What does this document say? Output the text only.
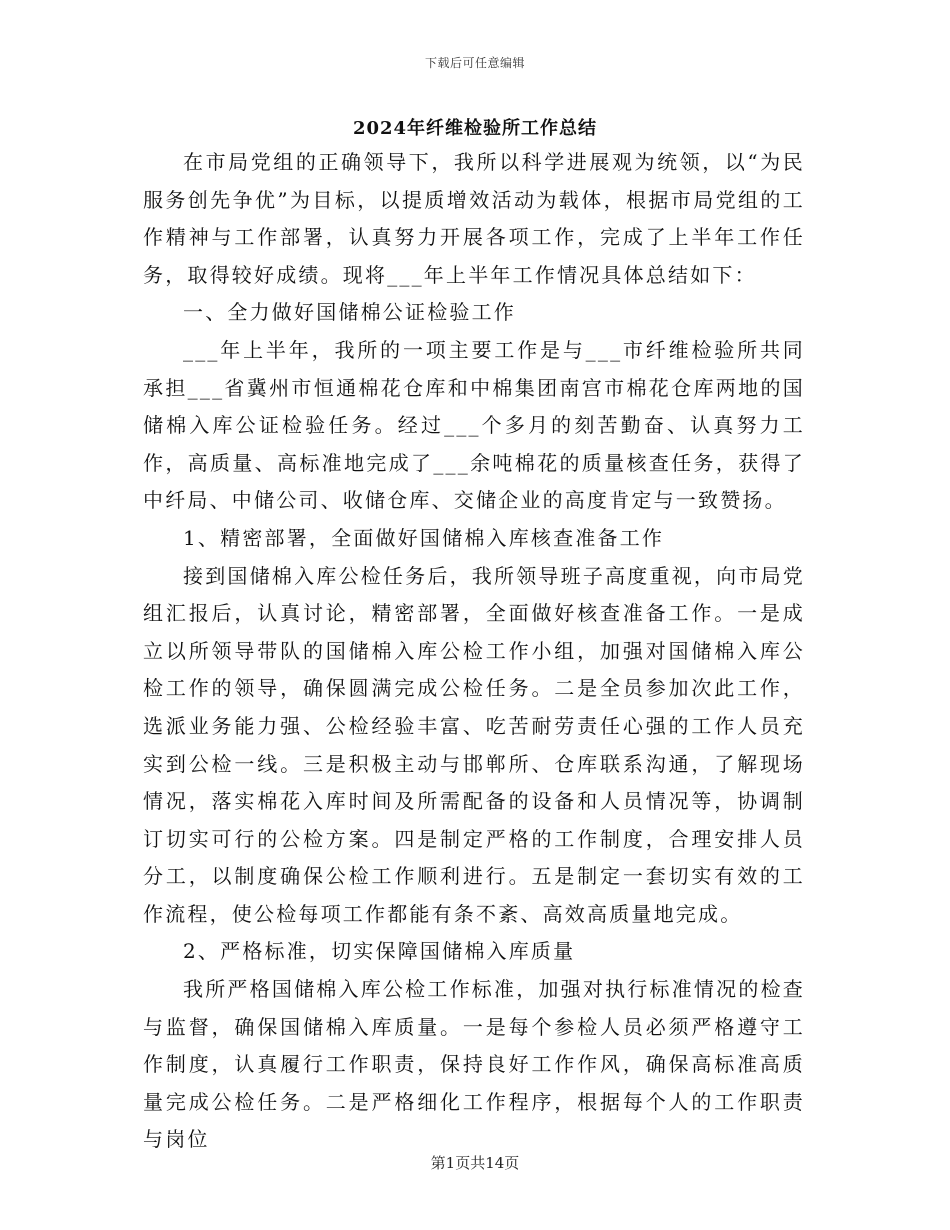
下载后可任意编辑
2024年纤维检验所工作总结

在市局党组的正确领导下，我所以科学进展观为统领，以“为民服务创先争优”为目标，以提质增效活动为载体，根据市局党组的工作精神与工作部署，认真努力开展各项工作，完成了上半年工作任务，取得较好成绩。现将___年上半年工作情况具体总结如下：

一、全力做好国储棉公证检验工作

___年上半年，我所的一项主要工作是与___市纤维检验所共同承担___省冀州市恒通棉花仓库和中棉集团南宫市棉花仓库两地的国储棉入库公证检验任务。经过___个多月的刻苦勤奋、认真努力工作，高质量、高标准地完成了___余吨棉花的质量核查任务，获得了中纤局、中储公司、收储仓库、交储企业的高度肯定与一致赞扬。

1、精密部署，全面做好国储棉入库核查准备工作

接到国储棉入库公检任务后，我所领导班子高度重视，向市局党组汇报后，认真讨论，精密部署，全面做好核查准备工作。一是成立以所领导带队的国储棉入库公检工作小组，加强对国储棉入库公检工作的领导，确保圆满完成公检任务。二是全员参加次此工作，选派业务能力强、公检经验丰富、吃苦耐劳责任心强的工作人员充实到公检一线。三是积极主动与邯郸所、仓库联系沟通，了解现场情况，落实棉花入库时间及所需配备的设备和人员情况等，协调制订切实可行的公检方案。四是制定严格的工作制度，合理安排人员分工，以制度确保公检工作顺利进行。五是制定一套切实有效的工作流程，使公检每项工作都能有条不紊、高效高质量地完成。

2、严格标准，切实保障国储棉入库质量

我所严格国储棉入库公检工作标准，加强对执行标准情况的检查与监督，确保国储棉入库质量。一是每个参检人员必须严格遵守工作制度，认真履行工作职责，保持良好工作作风，确保高标准高质量完成公检任务。二是严格细化工作程序，根据每个人的工作职责与岗位

第1页共14页
